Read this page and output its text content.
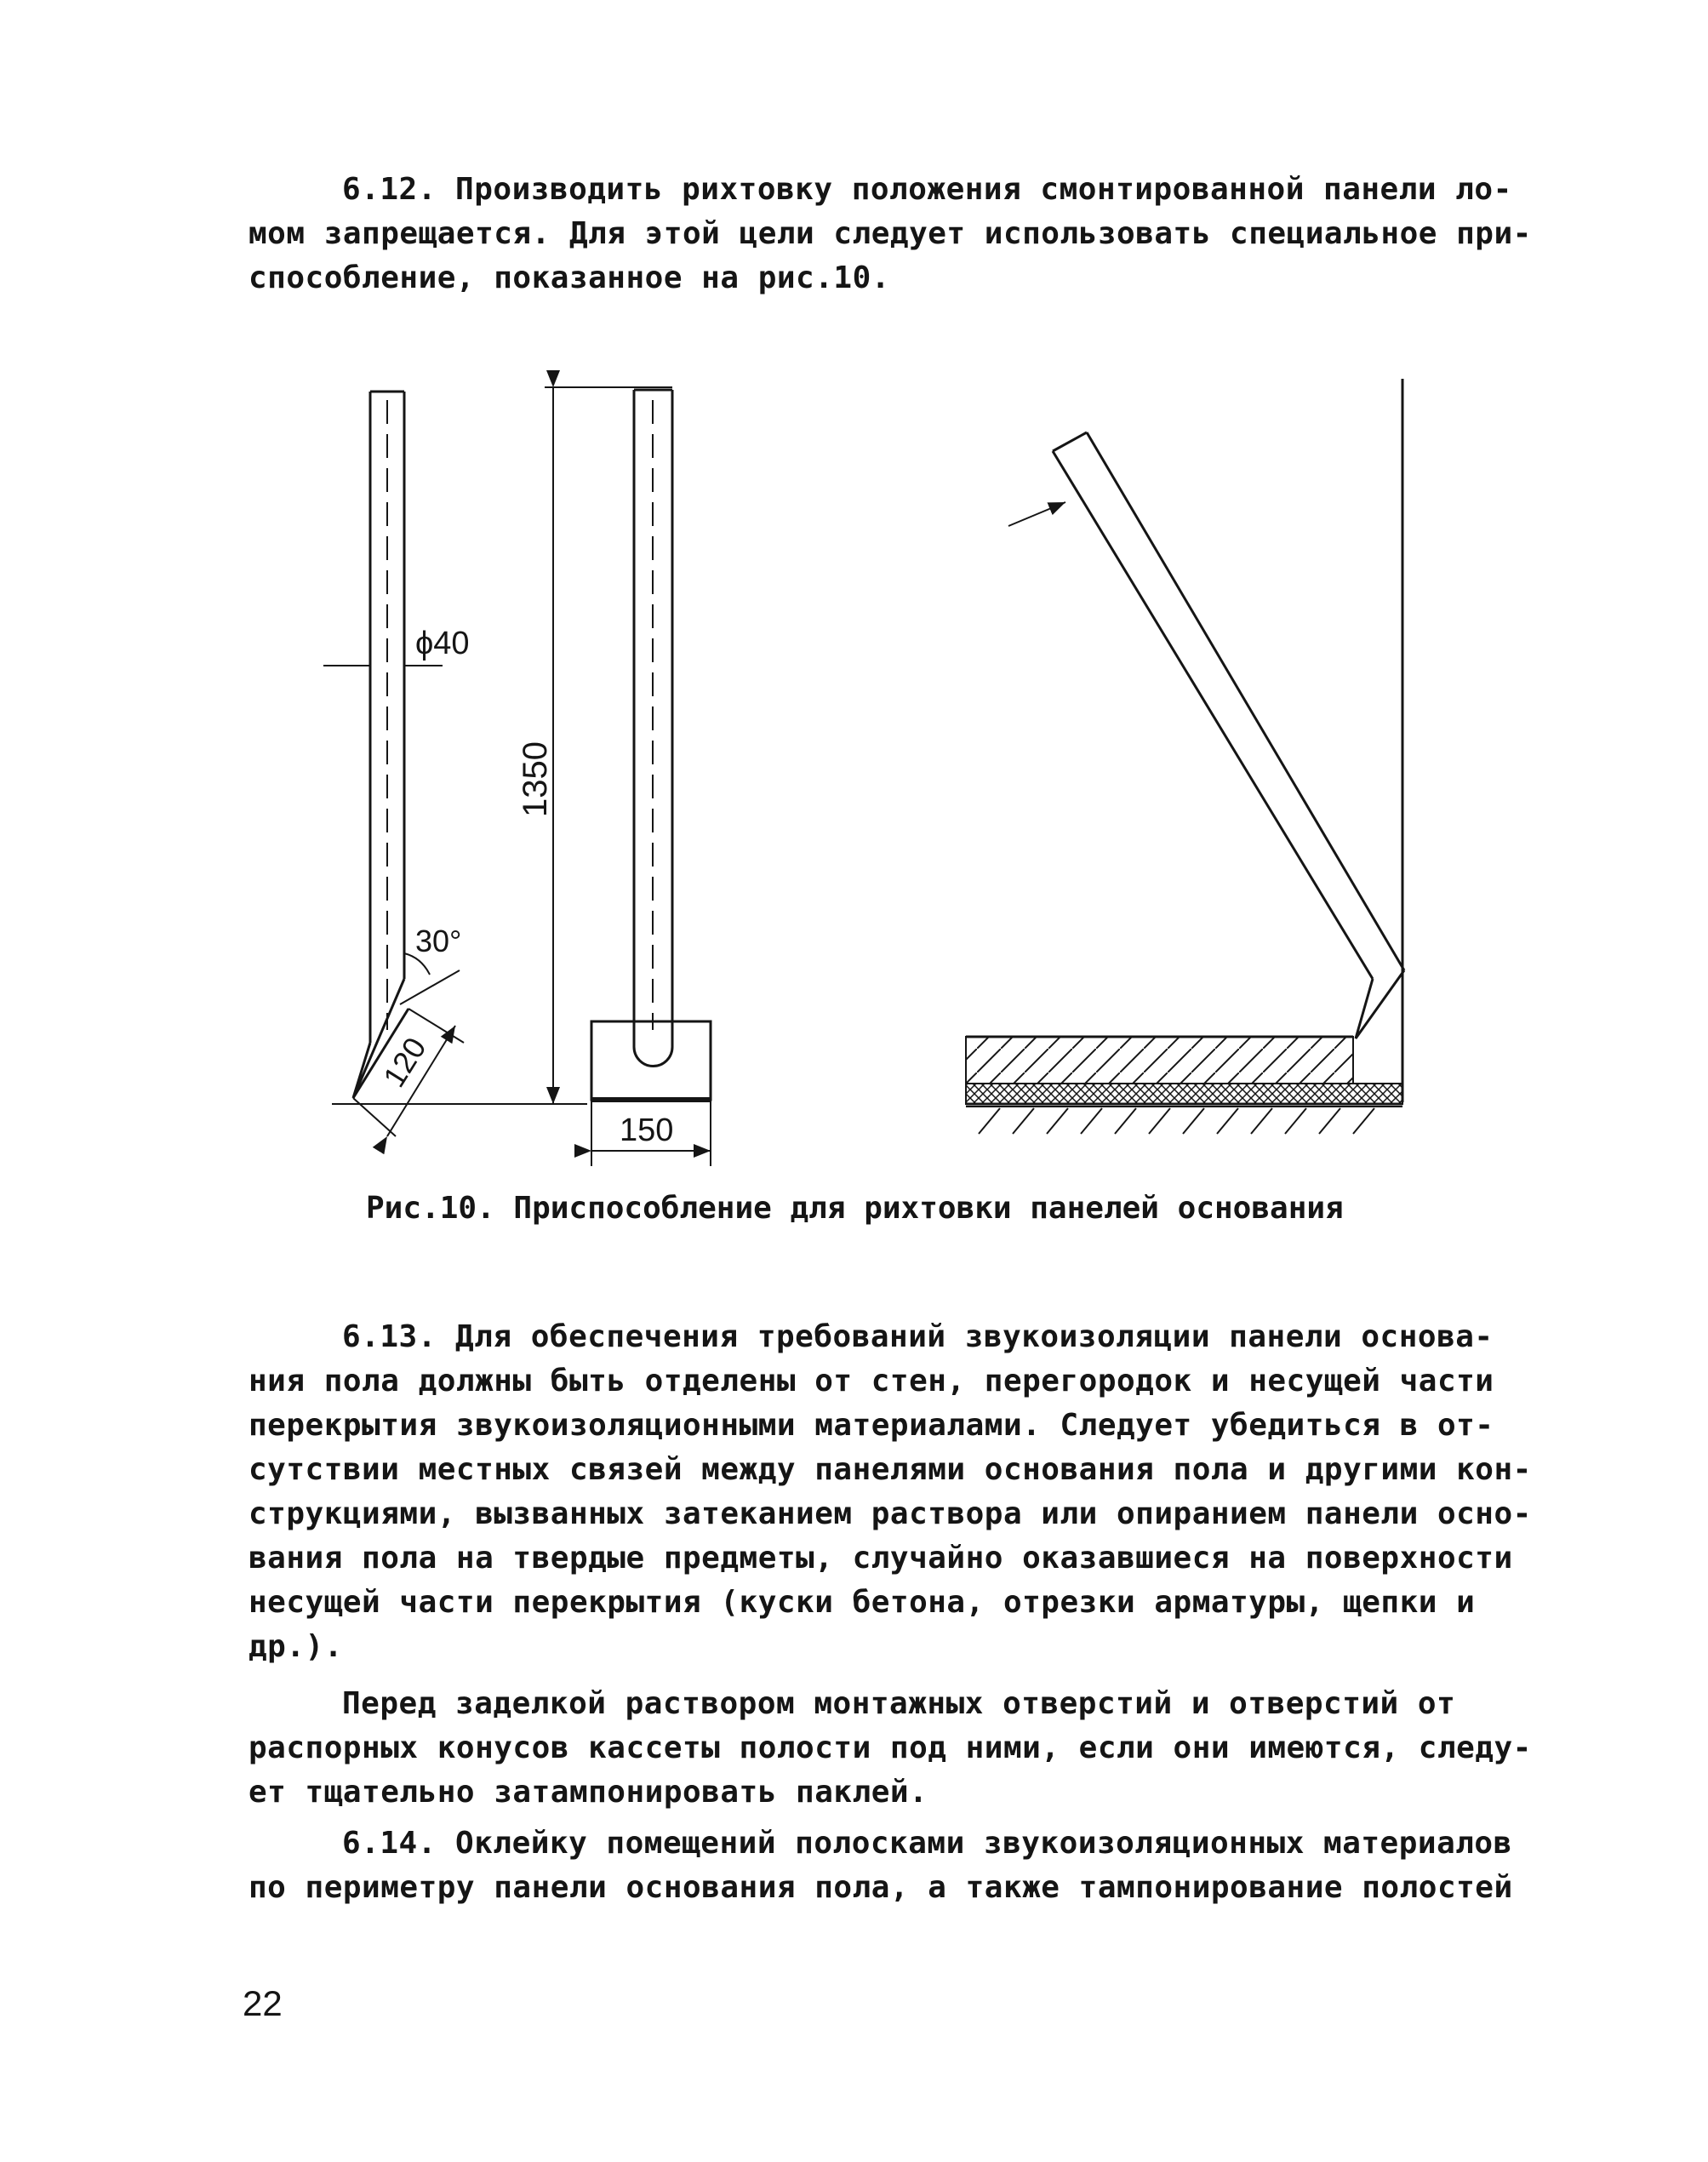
6.12. Производить рихтовку положения смонтированной панели ло-
мом запрещается. Для этой цели следует использовать специальное при-
способление, показанное на рис.10.
ϕ40
30°
120
1350
150
Рис.10. Приспособление для рихтовки панелей основания
6.13. Для обеспечения требований звукоизоляции панели основа-
ния пола должны быть отделены от стен, перегородок и несущей части
перекрытия звукоизоляционными материалами. Следует убедиться в от-
сутствии местных связей между панелями основания пола и другими кон-
струкциями, вызванных затеканием раствора или опиранием панели осно-
вания пола на твердые предметы, случайно оказавшиеся на поверхности
несущей части перекрытия (куски бетона, отрезки арматуры, щепки и
др.).
Перед заделкой раствором монтажных отверстий и отверстий от
распорных конусов кассеты полости под ними, если они имеются, следу-
ет тщательно затампонировать паклей.
6.14. Оклейку помещений полосками звукоизоляционных материалов
по периметру панели основания пола, а также тампонирование полостей
22
